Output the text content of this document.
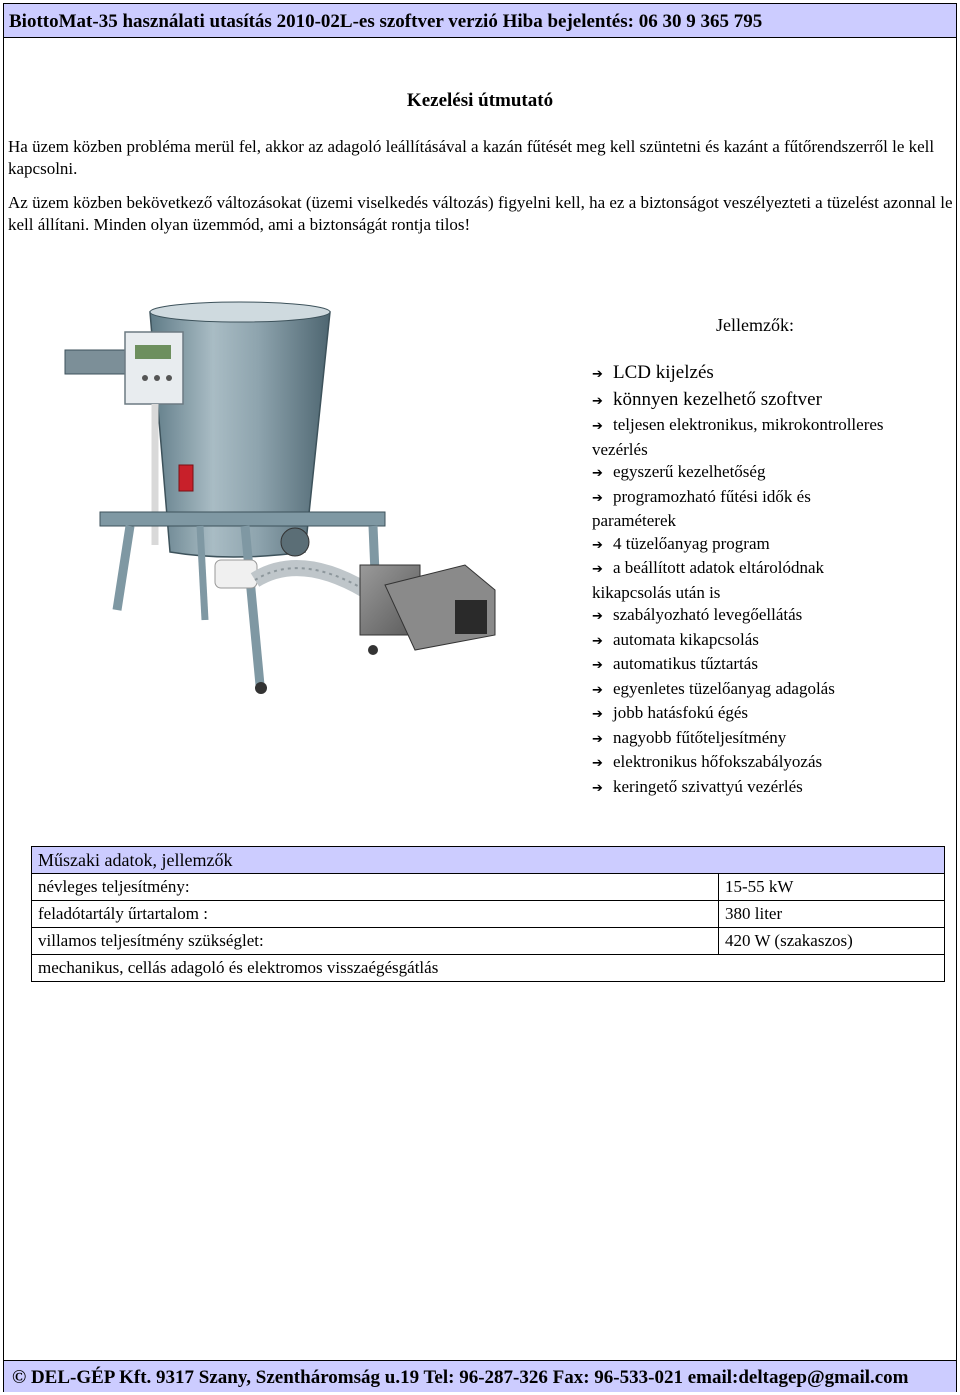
BiottoMat-35 használati utasítás 2010-02L-es szoftver verzió Hiba bejelentés: 06 30 9 365 795
Kezelési útmutató

Ha üzem közben probléma merül fel, akkor az adagoló leállításával a kazán fűtését meg kell szüntetni és kazánt a fűtőrendszerről le kell kapcsolni.

Az üzem közben bekövetkező változásokat (üzemi viselkedés változás) figyelni kell, ha ez a biztonságot veszélyezteti a tüzelést azonnal le kell állítani. Minden olyan üzemmód, ami a biztonságát rontja tilos!

Jellemzők:
➔ LCD kijelzés
➔ könnyen kezelhető szoftver
➔ teljesen elektronikus, mikrokontrolleres vezérlés
➔ egyszerű kezelhetőség
➔ programozható fűtési idők és paraméterek
➔ 4 tüzelőanyag program
➔ a beállított adatok eltárolódnak kikapcsolás után is
➔ szabályozható levegőellátás
➔ automata kikapcsolás
➔ automatikus tűztartás
➔ egyenletes tüzelőanyag adagolás
➔ jobb hatásfokú égés
➔ nagyobb fűtőteljesítmény
➔ elektronikus hőfokszabályozás
➔ keringető szivattyú vezérlés
Műszaki adatok, jellemzők	
névleges teljesítmény:	15-55 kW
feladótartály űrtartalom :	380 liter
villamos teljesítmény szükséglet:	420 W (szakaszos)
mechanikus, cellás adagoló és elektromos visszaégésgátlás	
© DEL-GÉP Kft. 9317 Szany, Szentháromság u.19 Tel: 96-287-326 Fax: 96-533-021 email:deltagep@gmail.com
